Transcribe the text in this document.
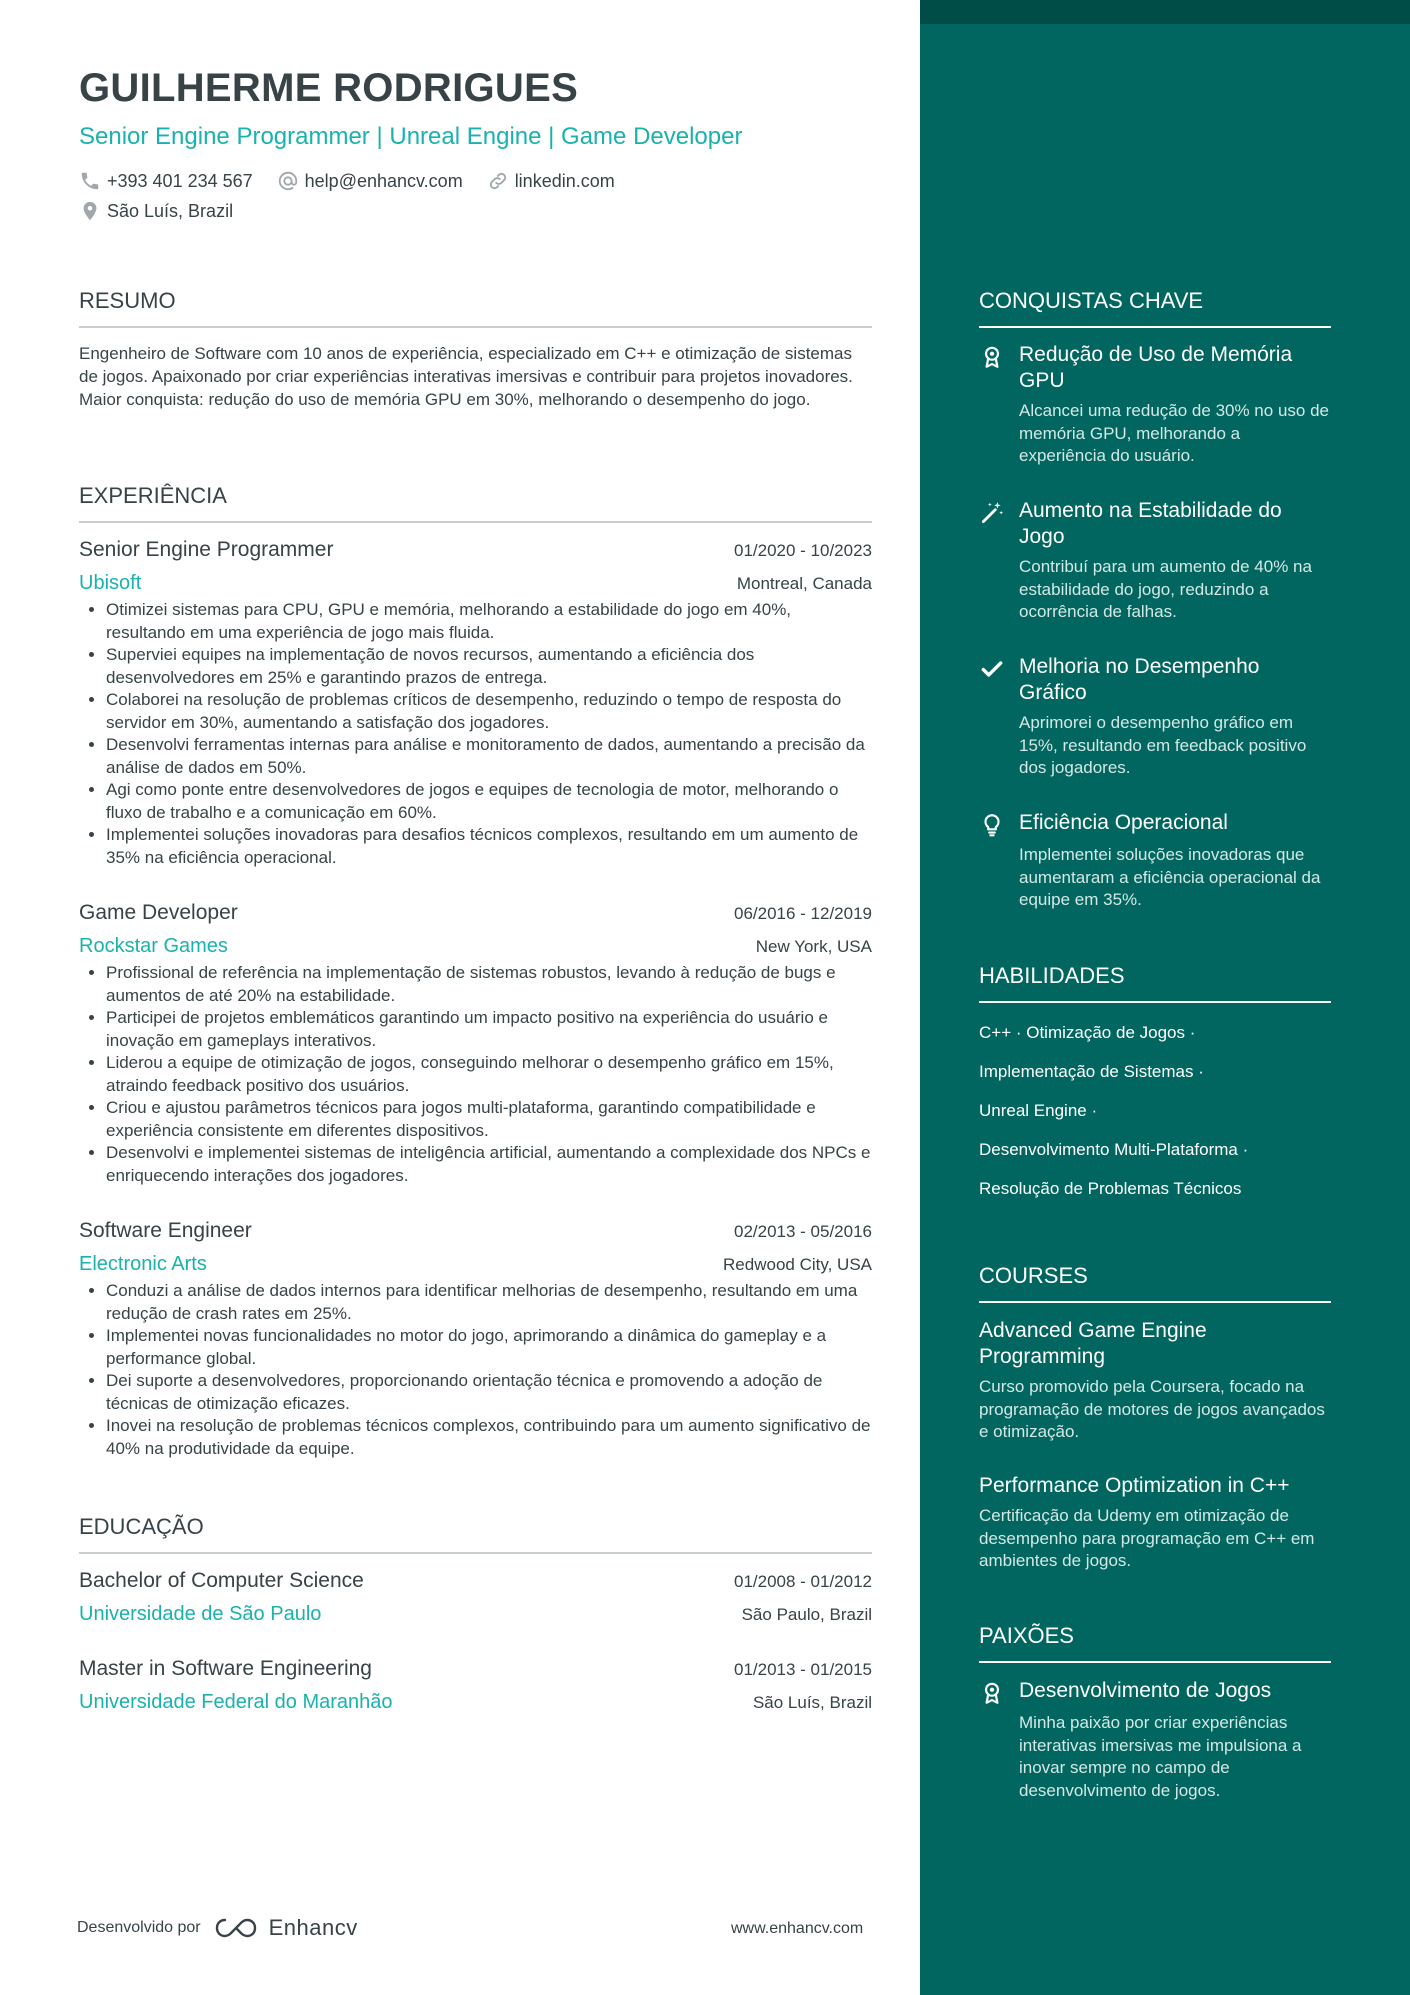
GUILHERME RODRIGUES
Senior Engine Programmer | Unreal Engine | Game Developer
+393 401 234 567	help@enhancv.com	linkedin.com
São Luís, Brazil
RESUMO

Engenheiro de Software com 10 anos de experiência, especializado em C++ e otimização de sistemas de jogos. Apaixonado por criar experiências interativas imersivas e contribuir para projetos inovadores. Maior conquista: redução do uso de memória GPU em 30%, melhorando o desempenho do jogo.

EXPERIÊNCIA
Senior Engine Programmer	01/2020 - 10/2023
Ubisoft	Montreal, Canada
• Otimizei sistemas para CPU, GPU e memória, melhorando a estabilidade do jogo em 40%, resultando em uma experiência de jogo mais fluida.
• Superviei equipes na implementação de novos recursos, aumentando a eficiência dos desenvolvedores em 25% e garantindo prazos de entrega.
• Colaborei na resolução de problemas críticos de desempenho, reduzindo o tempo de resposta do servidor em 30%, aumentando a satisfação dos jogadores.
• Desenvolvi ferramentas internas para análise e monitoramento de dados, aumentando a precisão da análise de dados em 50%.
• Agi como ponte entre desenvolvedores de jogos e equipes de tecnologia de motor, melhorando o fluxo de trabalho e a comunicação em 60%.
• Implementei soluções inovadoras para desafios técnicos complexos, resultando em um aumento de 35% na eficiência operacional.
Game Developer	06/2016 - 12/2019
Rockstar Games	New York, USA
• Profissional de referência na implementação de sistemas robustos, levando à redução de bugs e aumentos de até 20% na estabilidade.
• Participei de projetos emblemáticos garantindo um impacto positivo na experiência do usuário e inovação em gameplays interativos.
• Liderou a equipe de otimização de jogos, conseguindo melhorar o desempenho gráfico em 15%, atraindo feedback positivo dos usuários.
• Criou e ajustou parâmetros técnicos para jogos multi-plataforma, garantindo compatibilidade e experiência consistente em diferentes dispositivos.
• Desenvolvi e implementei sistemas de inteligência artificial, aumentando a complexidade dos NPCs e enriquecendo interações dos jogadores.
Software Engineer	02/2013 - 05/2016
Electronic Arts	Redwood City, USA
• Conduzi a análise de dados internos para identificar melhorias de desempenho, resultando em uma redução de crash rates em 25%.
• Implementei novas funcionalidades no motor do jogo, aprimorando a dinâmica do gameplay e a performance global.
• Dei suporte a desenvolvedores, proporcionando orientação técnica e promovendo a adoção de técnicas de otimização eficazes.
• Inovei na resolução de problemas técnicos complexos, contribuindo para um aumento significativo de 40% na produtividade da equipe.
EDUCAÇÃO
Bachelor of Computer Science	01/2008 - 01/2012
Universidade de São Paulo	São Paulo, Brazil
Master in Software Engineering	01/2013 - 01/2015
Universidade Federal do Maranhão	São Luís, Brazil
Desenvolvido por	Enhancv	www.enhancv.com
CONQUISTAS CHAVE
Redução de Uso de Memória GPU
Alcancei uma redução de 30% no uso de memória GPU, melhorando a experiência do usuário.
Aumento na Estabilidade do Jogo
Contribuí para um aumento de 40% na estabilidade do jogo, reduzindo a ocorrência de falhas.
Melhoria no Desempenho Gráfico
Aprimorei o desempenho gráfico em 15%, resultando em feedback positivo dos jogadores.
Eficiência Operacional
Implementei soluções inovadoras que aumentaram a eficiência operacional da equipe em 35%.
HABILIDADES
C++ · Otimização de Jogos ·
Implementação de Sistemas ·
Unreal Engine ·
Desenvolvimento Multi-Plataforma ·
Resolução de Problemas Técnicos
COURSES
Advanced Game Engine Programming
Curso promovido pela Coursera, focado na programação de motores de jogos avançados e otimização.
Performance Optimization in C++
Certificação da Udemy em otimização de desempenho para programação em C++ em ambientes de jogos.
PAIXÕES
Desenvolvimento de Jogos
Minha paixão por criar experiências interativas imersivas me impulsiona a inovar sempre no campo de desenvolvimento de jogos.
